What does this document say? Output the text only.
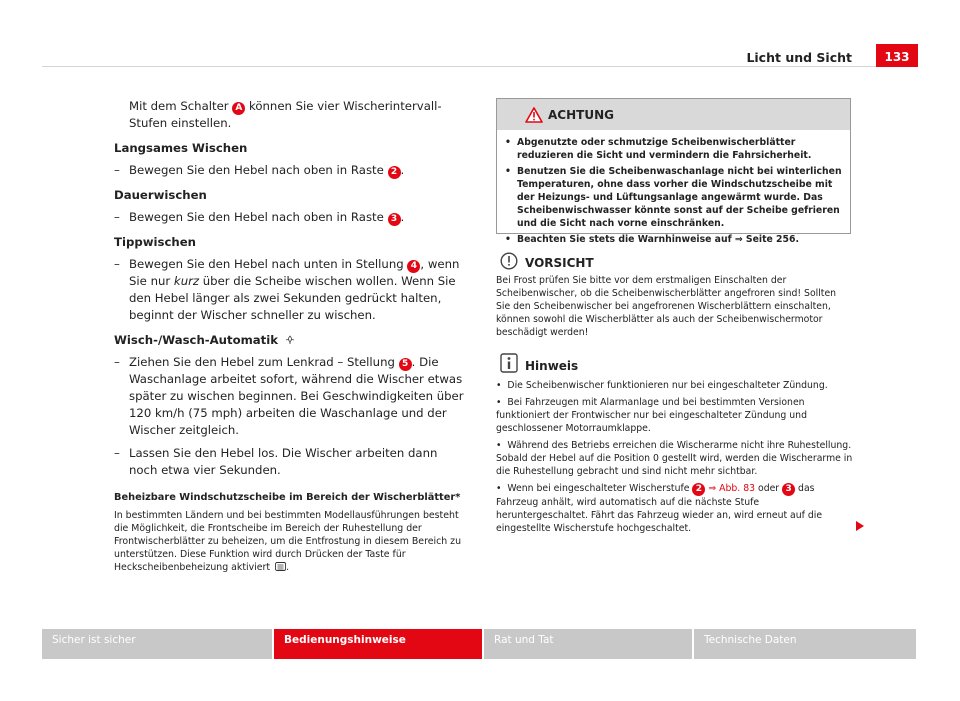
Licht und Sicht	133

Mit dem Schalter A können Sie vier Wischerintervall-Stufen einstellen.

Langsames Wischen

– Bewegen Sie den Hebel nach oben in Raste 2 .

Dauerwischen

– Bewegen Sie den Hebel nach oben in Raste 3 .

Tippwischen

– Bewegen Sie den Hebel nach unten in Stellung 4 , wenn Sie nur kurz über die Scheibe wischen wollen. Wenn Sie den Hebel länger als zwei Sekunden gedrückt halten, beginnt der Wischer schneller zu wischen.

Wisch-/Wasch-Automatik

– Ziehen Sie den Hebel zum Lenkrad – Stellung 5 . Die Waschanlage arbeitet sofort, während die Wischer etwas später zu wischen beginnen. Bei Geschwindigkeiten über 120 km/h (75 mph) arbeiten die Waschanlage und der Wischer zeitgleich.
– Lassen Sie den Hebel los. Die Wischer arbeiten dann noch etwa vier Sekunden.

Beheizbare Windschutzscheibe im Bereich der Wischerblätter*

In bestimmten Ländern und bei bestimmten Modellausführungen besteht die Möglichkeit, die Frontscheibe im Bereich der Ruhestellung der Frontwischerblätter zu beheizen, um die Entfrostung in diesem Bereich zu unterstützen. Diese Funktion wird durch Drücken der Taste für Heckscheibenbeheizung aktiviert .

ACHTUNG
• Abgenutzte oder schmutzige Scheibenwischerblätter reduzieren die Sicht und vermindern die Fahrsicherheit.
• Benutzen Sie die Scheibenwaschanlage nicht bei winterlichen Temperaturen, ohne dass vorher die Windschutzscheibe mit der Heizungs- und Lüftungsanlage angewärmt wurde. Das Scheibenwischwasser könnte sonst auf der Scheibe gefrieren und die Sicht nach vorne einschränken.
• Beachten Sie stets die Warnhinweise auf ⇒ Seite 256.
VORSICHT

Bei Frost prüfen Sie bitte vor dem erstmaligen Einschalten der Scheibenwischer, ob die Scheibenwischerblätter angefroren sind! Sollten Sie den Scheibenwischer bei angefrorenen Wischerblättern einschalten, können sowohl die Wischerblätter als auch der Scheibenwischermotor beschädigt werden!

Hinweis
•  Die Scheibenwischer funktionieren nur bei eingeschalteter Zündung.
•  Bei Fahrzeugen mit Alarmanlage und bei bestimmten Versionen funktioniert der Frontwischer nur bei eingeschalteter Zündung und geschlossener Motorraumklappe.
•  Während des Betriebs erreichen die Wischerarme nicht ihre Ruhestellung. Sobald der Hebel auf die Position 0 gestellt wird, werden die Wischerarme in die Ruhestellung gebracht und sind nicht mehr sichtbar.
•  Wenn bei eingeschalteter Wischerstufe 2 ⇒ Abb. 83 oder 3 das Fahrzeug anhält, wird automatisch auf die nächste Stufe heruntergeschaltet. Fährt das Fahrzeug wieder an, wird erneut auf die eingestellte Wischerstufe hochgeschaltet.
Sicher ist sicher	Bedienungshinweise	Rat und Tat	Technische Daten
